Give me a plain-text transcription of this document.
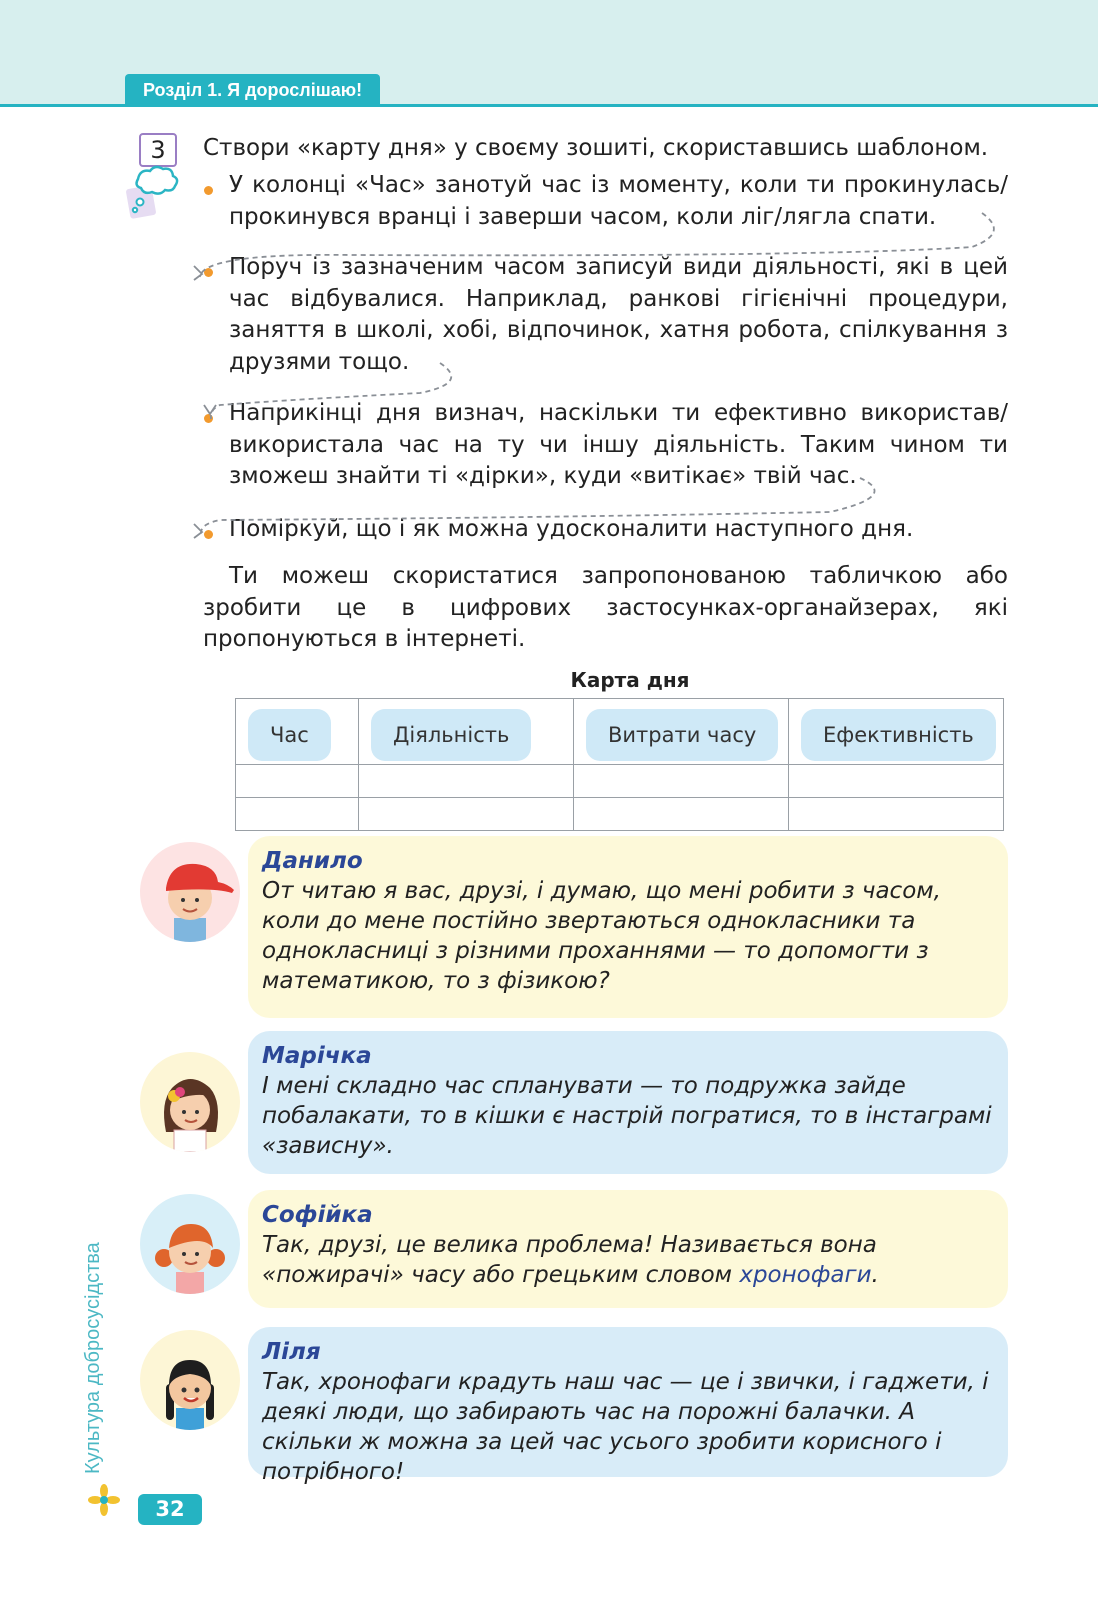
Розділ 1. Я дорослішаю!
3	Створи «карту дня» у своєму зошиті, скориставшись шаблоном.
У колонці «Час» занотуй час із моменту, коли ти прокинулась/прокинувся вранці і заверши часом, коли ліг/лягла спати.
Поруч із зазначеним часом записуй види діяльності, які в цей час відбувалися. Наприклад, ранкові гігієнічні процедури, заняття в школі, хобі, відпочинок, хатня робота, спілкування з друзями тощо.
Наприкінці дня визнач, наскільки ти ефективно використав/використала час на ту чи іншу діяльність. Таким чином ти зможеш знайти ті «дірки», куди «витікає» твій час.
Поміркуй, що і як можна удосконалити наступного дня.
Ти можеш скористатися запропонованою табличкою або зробити це в цифрових застосунках-органайзерах, які пропонуються в інтернеті.
Карта дня
Час	Діяльність	Витрати часу	Ефективність

Данило
От читаю я вас, друзі, і думаю, що мені робити з часом, коли до мене постійно звертаються однокласники та однокласниці з різними проханнями — то допомогти з математикою, то з фізикою?
Марічка
І мені складно час спланувати — то подружка зайде побалакати, то в кішки є настрій погратися, то в інстаграмі «зависну».
Софійка
Так, друзі, це велика проблема! Називається вона «пожирачі» часу або грецьким словом хронофаги.
Ліля
Так, хронофаги крадуть наш час — це і звички, і гаджети, і деякі люди, що забирають час на порожні балачки. А скільки ж можна за цей час усього зробити корисного і потрібного!
Культура добросусідства
32
